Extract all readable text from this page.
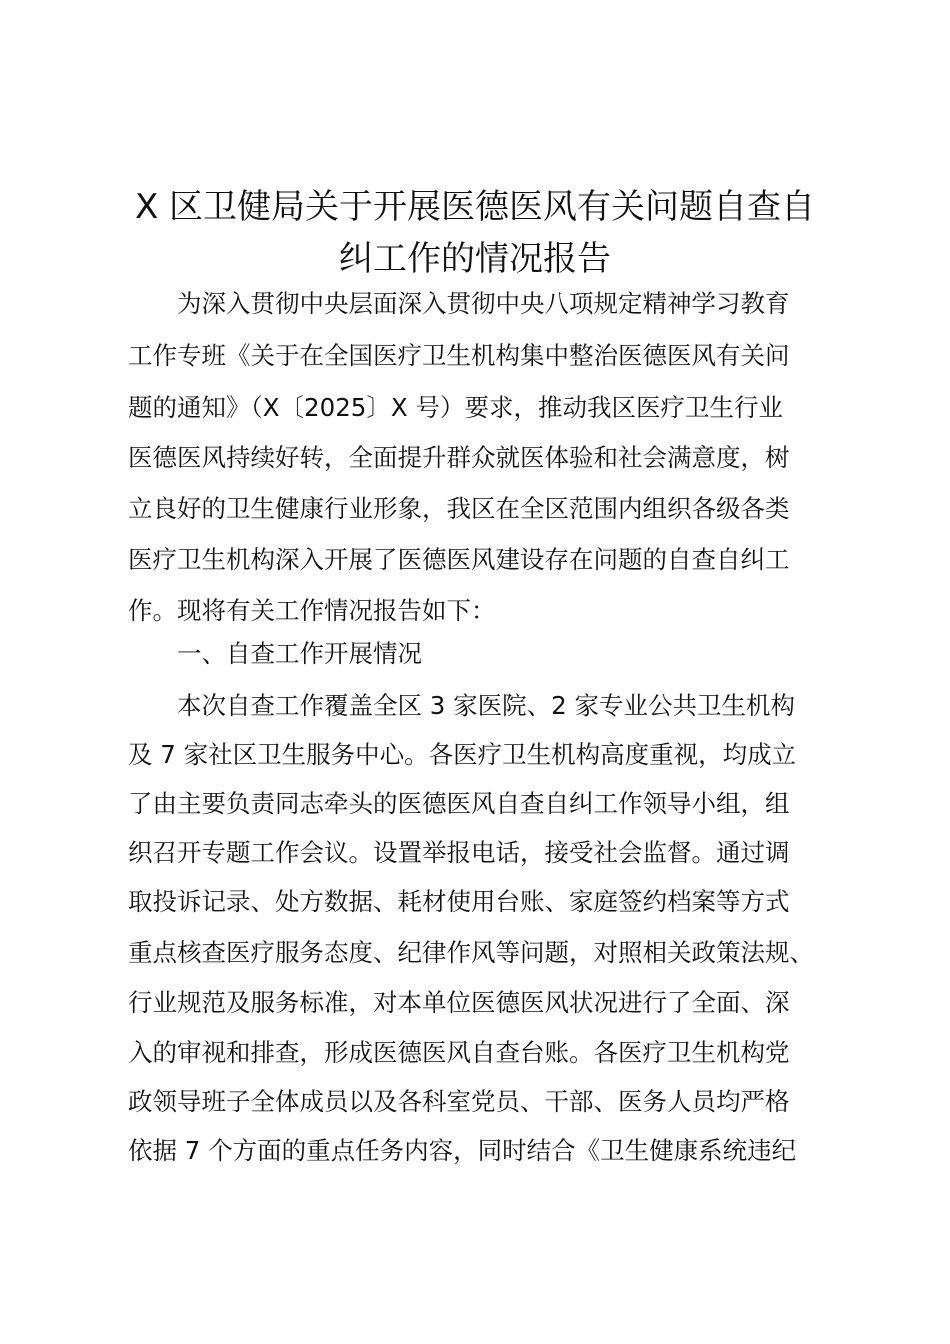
X 区卫健局关于开展医德医风有关问题自查自
纠工作的情况报告
为深入贯彻中央层面深入贯彻中央八项规定精神学习教育
工作专班《关于在全国医疗卫生机构集中整治医德医风有关问
题的通知》（X〔2025〕X 号）要求，推动我区医疗卫生行业
医德医风持续好转，全面提升群众就医体验和社会满意度，树
立良好的卫生健康行业形象，我区在全区范围内组织各级各类
医疗卫生机构深入开展了医德医风建设存在问题的自查自纠工
作。现将有关工作情况报告如下：
一、自查工作开展情况
本次自查工作覆盖全区 3 家医院、2 家专业公共卫生机构
及 7 家社区卫生服务中心。各医疗卫生机构高度重视，均成立
了由主要负责同志牵头的医德医风自查自纠工作领导小组，组
织召开专题工作会议。设置举报电话，接受社会监督。通过调
取投诉记录、处方数据、耗材使用台账、家庭签约档案等方式
重点核查医疗服务态度、纪律作风等问题，对照相关政策法规、
行业规范及服务标准，对本单位医德医风状况进行了全面、深
入的审视和排查，形成医德医风自查台账。各医疗卫生机构党
政领导班子全体成员以及各科室党员、干部、医务人员均严格
依据 7 个方面的重点任务内容，同时结合《卫生健康系统违纪
